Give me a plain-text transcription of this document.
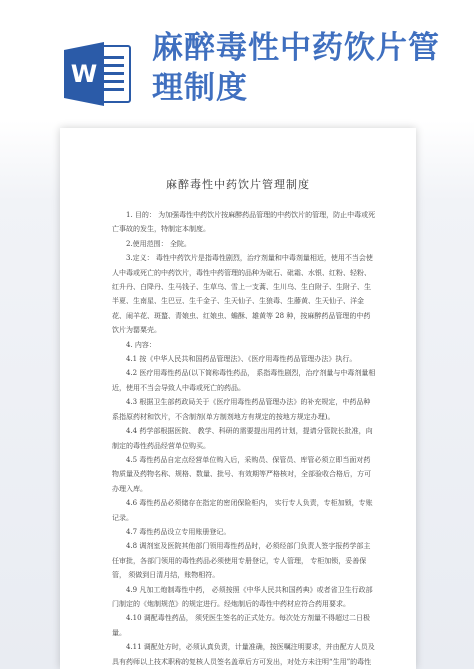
W
麻醉毒性中药饮片管理制度
麻醉毒性中药饮片管理制度

1. 目的： 为加强毒性中药饮片按麻醉药品管理的中药饮片的管理，防止中毒或死亡事故的发生，特制定本制度。

2.使用范围： 全院。

3.定义： 毒性中药饮片是指毒性剧烈，治疗剂量和中毒剂量相近，使用不当会使人中毒或死亡的中药饮片，毒性中药管理的品种为砒石、砒霜、水银、红粉、轻粉、红升丹、白降丹、生马钱子、生草乌、雪上一支蒿、生川乌、生白附子、生附子、生半夏、生南星、生巴豆、生千金子、生天仙子、生狼毒、生藤黄、生天仙子、洋金花、闹羊花、斑蝥、青娘虫、红娘虫、蟾酥、雄黄等 28 种，按麻醉药品管理的中药饮片为罂粟壳。

4. 内容：

4.1 按《中华人民共和国药品管理法》、《医疗用毒性药品管理办法》执行。

4.2 医疗用毒性药品(以下简称毒性药品， 系指毒性剧烈，治疗剂量与中毒剂量相近，使用不当会导致人中毒或死亡的药品。

4.3 根据卫生部药政局关于《医疗用毒性药品管理办法》的补充规定，中药品种系指原药材和饮片，不含制剂(单方制剂地方有规定的按地方规定办理)。

4.4 药学部根据医院、 教学、科研的需要提出用药计划，提请分管院长批准，向制定的毒性药品经营单位购买。

4.5 毒性药品自定点经营单位购入后，采购员、保管员、库管必须立即当面对药物质量及药物名称、规格、数量、批号、有效期等严格核对，全部验收合格后，方可办理入库。

4.6 毒性药品必须储存在指定的密闭保险柜内， 实行专人负责，专柜加锁，专账记录。

4.7 毒性药品设立专用账册登记。

4.8 调剂室及医院其他部门领用毒性药品时，必须经部门负责人签字报药学部主任审批，各部门领用的毒性药品必须使用专册登记，专人管理， 专柜加锁，妥善保管， 须做到日清月结，账物相符。

4.9 凡加工炮制毒性中药， 必须按照《中华人民共和国药典》或者省卫生行政部门制定的《炮制规范》的规定进行。经炮制后的毒性中药材应符合药用要求。

4.10 调配毒性药品， 须凭医生签名的正式处方。每次处方剂量不得超过二日极量。

4.11 调配处方时，必须认真负责，计量准确，按医嘱注明要求，并由配方人员及具有药师以上技术职称的复核人员签名盖章后方可发出，对处方未注明“生用”的毒性
